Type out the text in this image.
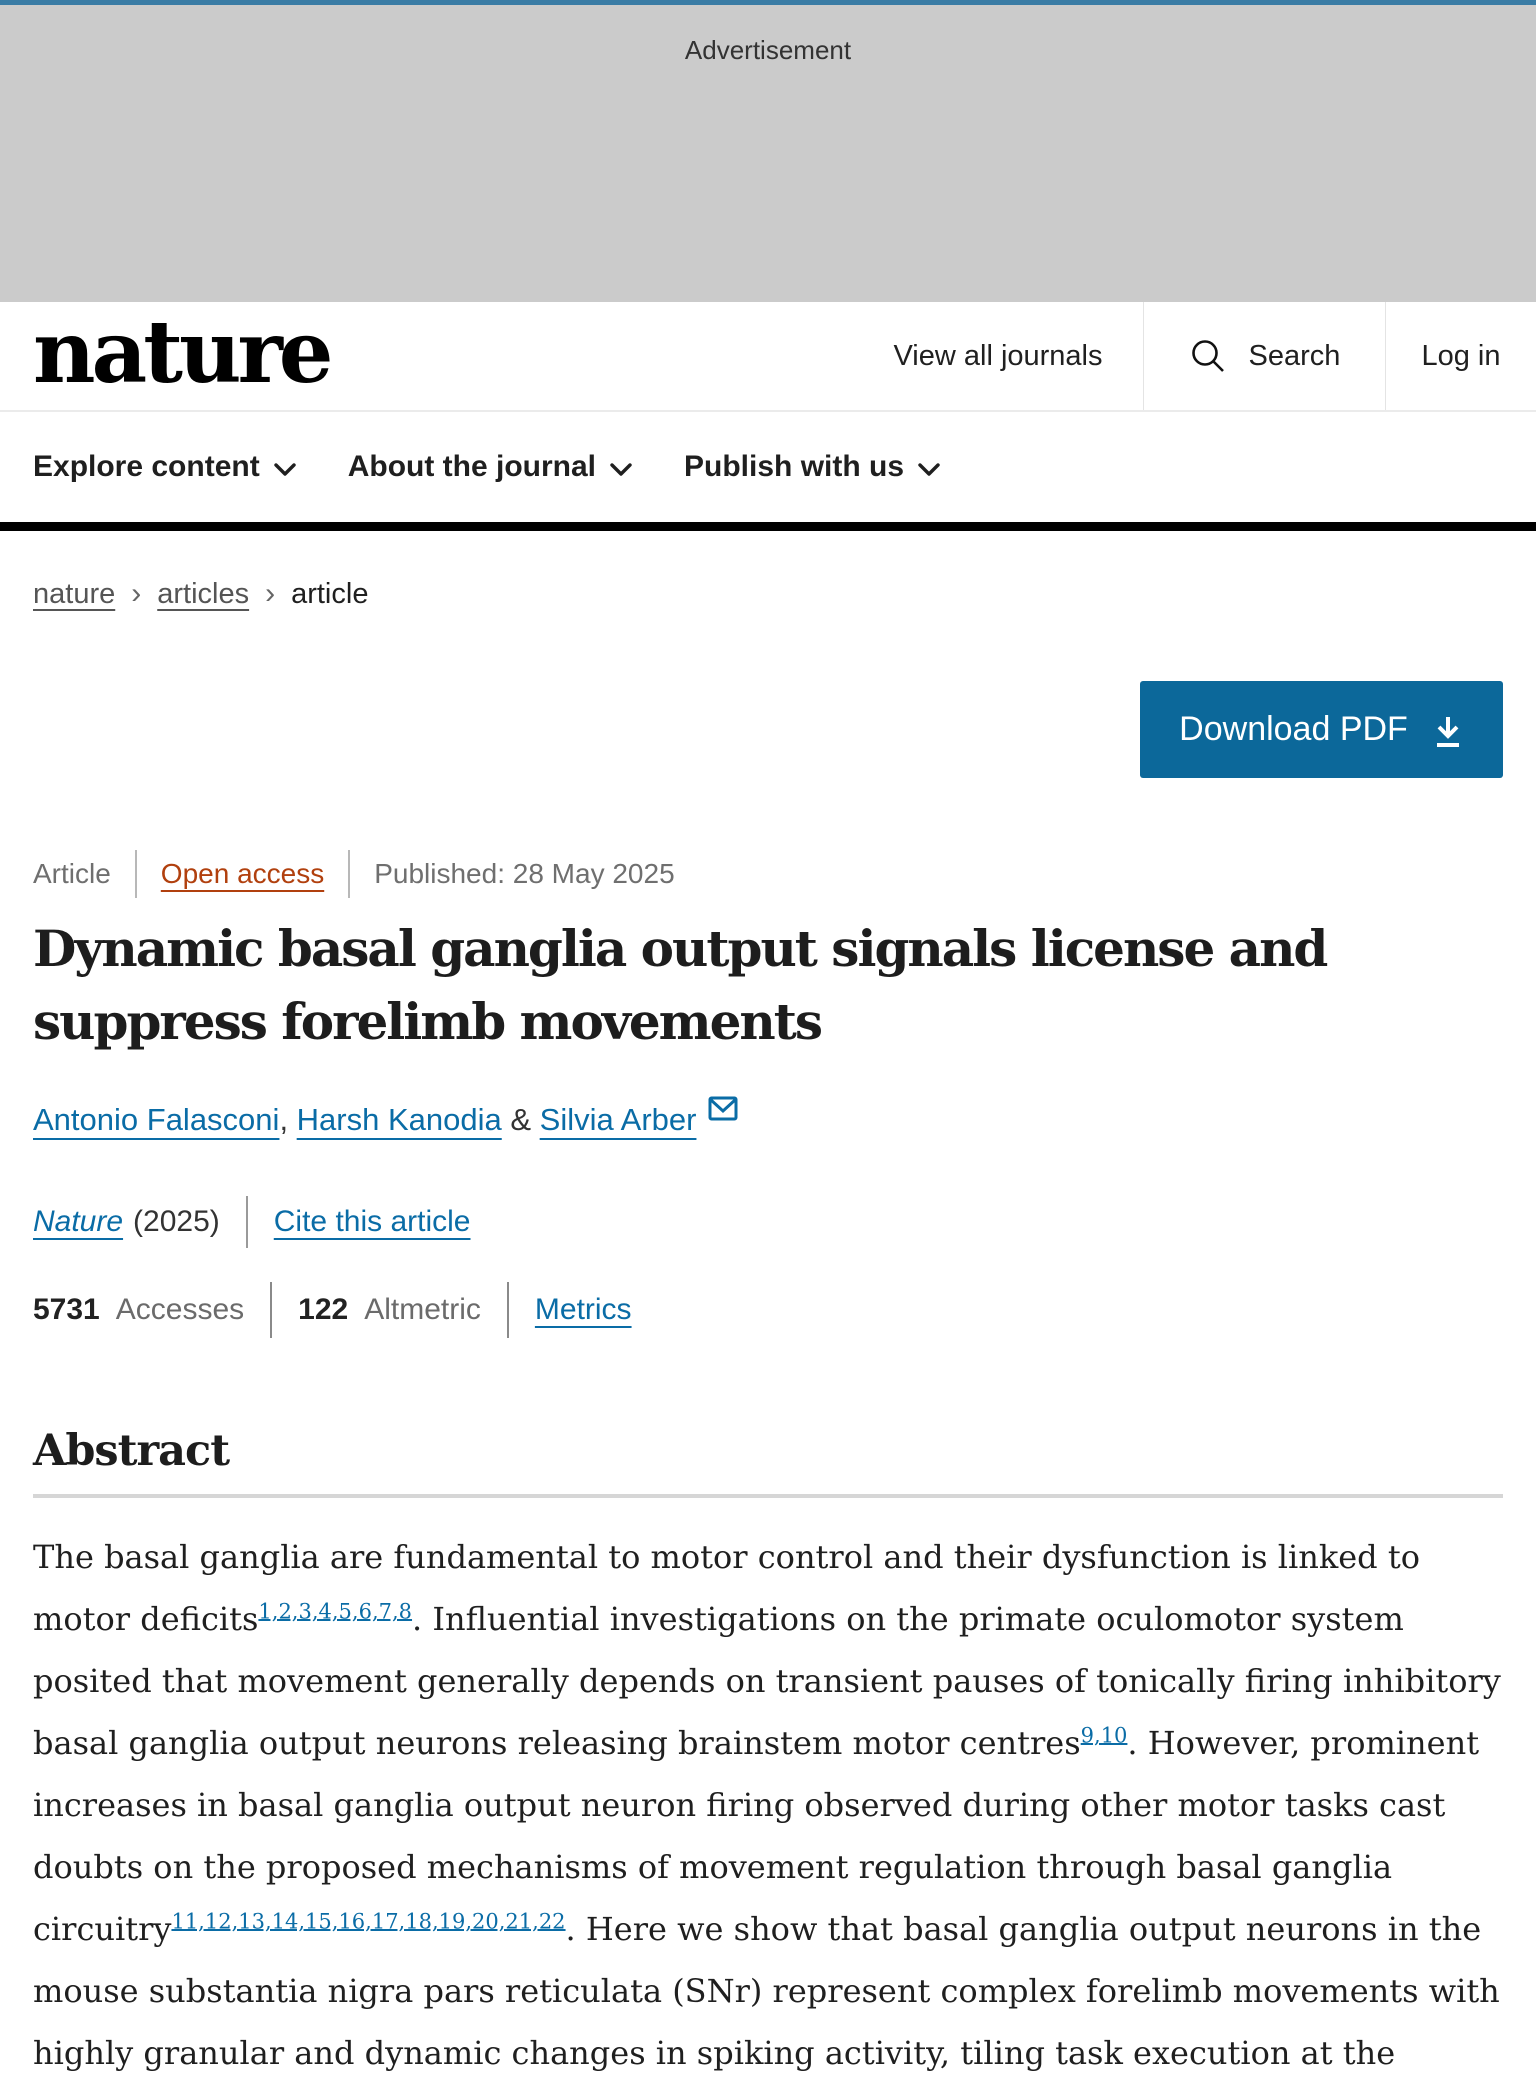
Advertisement
nature	View all journals	Search	Log in
Explore content	About the journal	Publish with us
nature › articles › article
Download PDF
Article Open access Published: 28 May 2025
Dynamic basal ganglia output signals license and suppress forelimb movements
Antonio Falasconi , Harsh Kanodia & Silvia Arber
Nature (2025) Cite this article
5731 Accesses 122 Altmetric Metrics
Abstract

The basal ganglia are fundamental to motor control and their dysfunction is linked to motor deficits$^{1,2,3,4,5,6,7,8}$. Influential investigations on the primate oculomotor system posited that movement generally depends on transient pauses of tonically firing inhibitory basal ganglia output neurons releasing brainstem motor centres$^{9,10}$. However, prominent increases in basal ganglia output neuron firing observed during other motor tasks cast doubts on the proposed mechanisms of movement regulation through basal ganglia circuitry$^{11,12,13,14,15,16,17,18,19,20,21,22}$. Here we show that basal ganglia output neurons in the mouse substantia nigra pars reticulata (SNr) represent complex forelimb movements with highly granular and dynamic changes in spiking activity, tiling task execution at the
